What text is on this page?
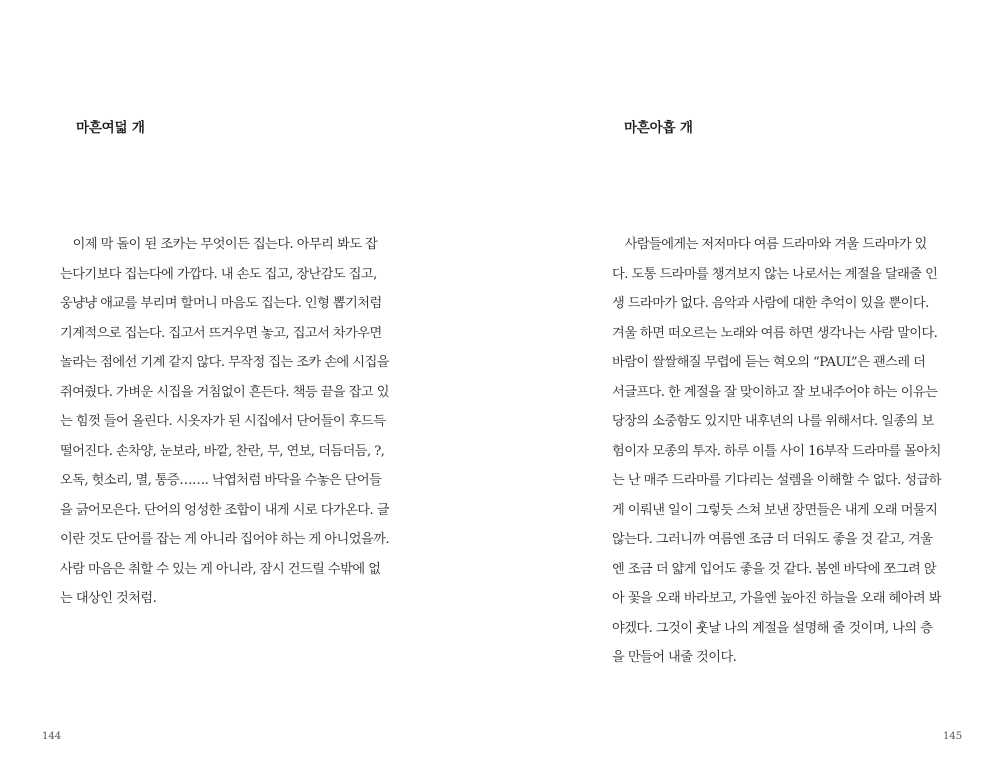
마흔여덟 개
　이제 막 돌이 된 조카는 무엇이든 집는다. 아무리 봐도 잡
는다기보다 집는다에 가깝다. 내 손도 집고, 장난감도 집고,
웅냥냥 애교를 부리며 할머니 마음도 집는다. 인형 뽑기처럼
기계적으로 집는다. 집고서 뜨거우면 놓고, 집고서 차가우면
놀라는 점에선 기계 같지 않다. 무작정 집는 조카 손에 시집을
쥐여줬다. 가벼운 시집을 거침없이 흔든다. 책등 끝을 잡고 있
는 힘껏 들어 올린다. 시옷자가 된 시집에서 단어들이 후드득
떨어진다. 손차양, 눈보라, 바깥, 찬란, 무, 연보, 더듬더듬, ?,
오독, 헛소리, 멸, 통증……. 낙엽처럼 바닥을 수놓은 단어들
을 긁어모은다. 단어의 엉성한 조합이 내게 시로 다가온다. 글
이란 것도 단어를 잡는 게 아니라 집어야 하는 게 아니었을까.
사람 마음은 취할 수 있는 게 아니라, 잠시 건드릴 수밖에 없
는 대상인 것처럼.
144
마흔아홉 개
　사람들에게는 저저마다 여름 드라마와 겨울 드라마가 있
다. 도통 드라마를 챙겨보지 않는 나로서는 계절을 달래줄 인
생 드라마가 없다. 음악과 사람에 대한 추억이 있을 뿐이다.
겨울 하면 떠오르는 노래와 여름 하면 생각나는 사람 말이다.
바람이 쌀쌀해질 무렵에 듣는 혁오의 “PAUL”은 괜스레 더
서글프다. 한 계절을 잘 맞이하고 잘 보내주어야 하는 이유는
당장의 소중함도 있지만 내후년의 나를 위해서다. 일종의 보
험이자 모종의 투자. 하루 이틀 사이 16부작 드라마를 몰아치
는 난 매주 드라마를 기다리는 설렘을 이해할 수 없다. 성급하
게 이뤄낸 일이 그렇듯 스쳐 보낸 장면들은 내게 오래 머물지
않는다. 그러니까 여름엔 조금 더 더워도 좋을 것 같고, 겨울
엔 조금 더 얇게 입어도 좋을 것 같다. 봄엔 바닥에 쪼그려 앉
아 꽃을 오래 바라보고, 가을엔 높아진 하늘을 오래 헤아려 봐
야겠다. 그것이 훗날 나의 계절을 설명해 줄 것이며, 나의 층
을 만들어 내줄 것이다.
145
